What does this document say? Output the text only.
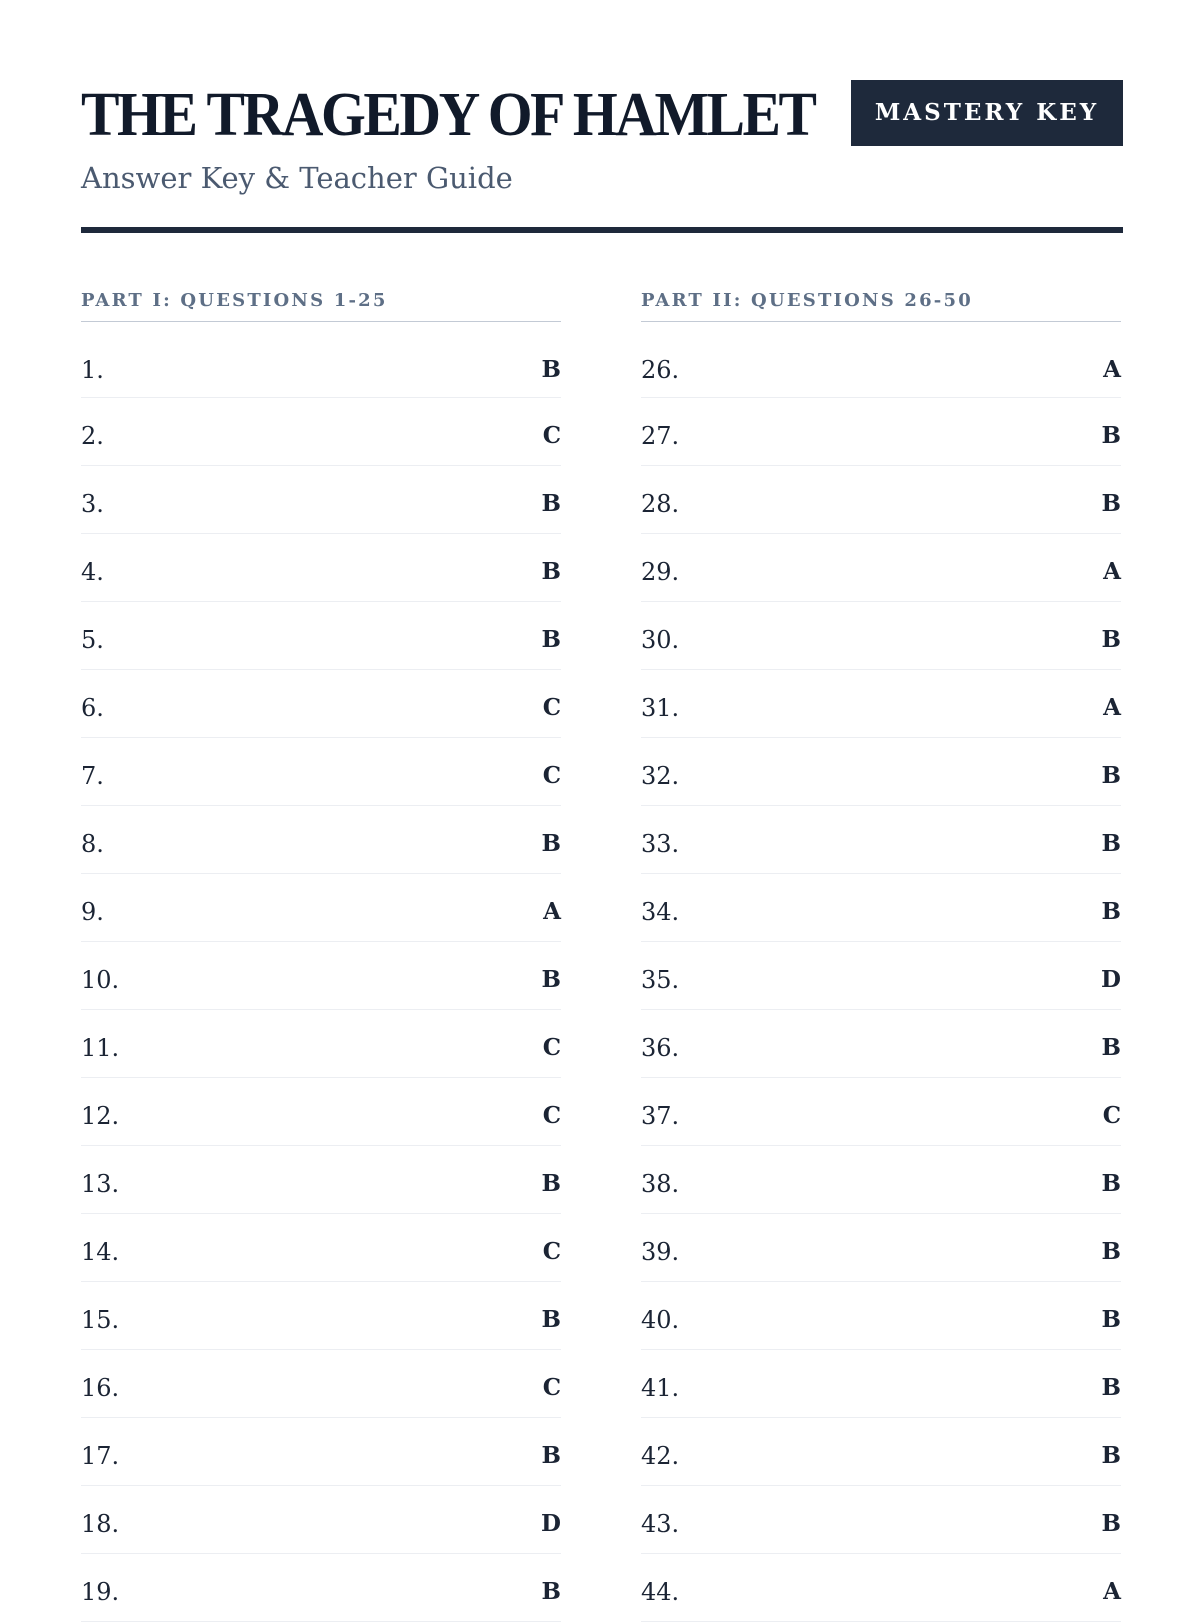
THE TRAGEDY OF HAMLET
Answer Key & Teacher Guide
MASTERY KEY
PART I: QUESTIONS 1-25
1.	B
2.	C
3.	B
4.	B
5.	B
6.	C
7.	C
8.	B
9.	A
10.	B
11.	C
12.	C
13.	B
14.	C
15.	B
16.	C
17.	B
18.	D
19.	B
PART II: QUESTIONS 26-50
26.	A
27.	B
28.	B
29.	A
30.	B
31.	A
32.	B
33.	B
34.	B
35.	D
36.	B
37.	C
38.	B
39.	B
40.	B
41.	B
42.	B
43.	B
44.	A
